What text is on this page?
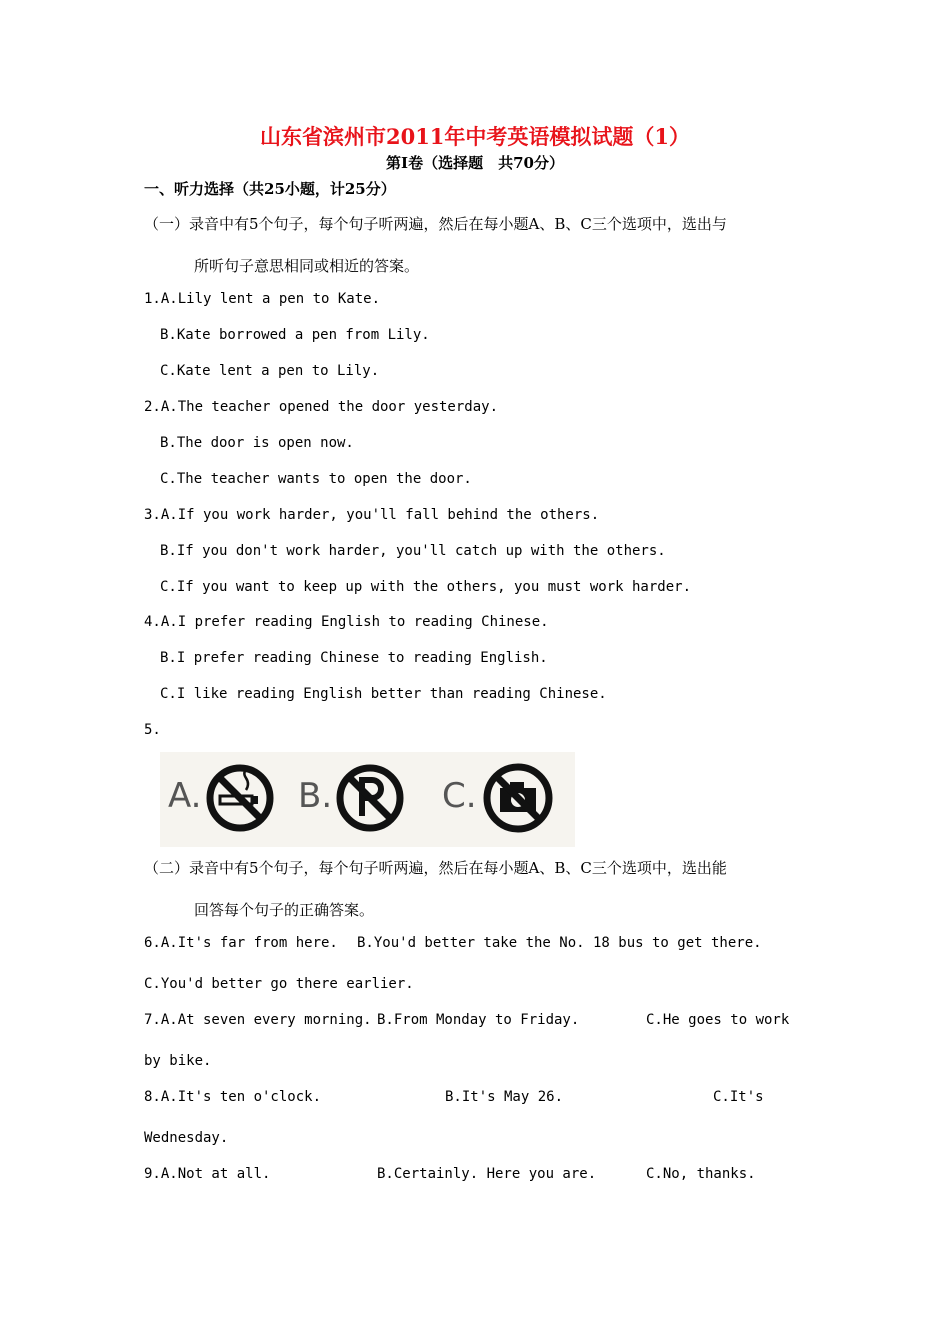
山东省滨州市2011年中考英语模拟试题（1）
第Ⅰ卷（选择题　共70分）
一、听力选择（共25小题，计25分）
（一）录音中有5个句子，每个句子听两遍，然后在每小题A、B、C三个选项中，选出与
所听句子意思相同或相近的答案。
1.A.Lily lent a pen to Kate.
B.Kate borrowed a pen from Lily.
C.Kate lent a pen to Lily.
2.A.The teacher opened the door yesterday.
B.The door is open now.
C.The teacher wants to open the door.
3.A.If you work harder, you'll fall behind the others.
B.If you don't work harder, you'll catch up with the others.
C.If you want to keep up with the others, you must work harder.
4.A.I prefer reading English to reading Chinese.
B.I prefer reading Chinese to reading English.
C.I like reading English better than reading Chinese.
5.
A.	B.	C.
（二）录音中有5个句子，每个句子听两遍，然后在每小题A、B、C三个选项中，选出能
回答每个句子的正确答案。
6.A.It's far from here. B.You'd better take the No. 18 bus to get there.
C.You'd better go there earlier.
7.A.At seven every morning. B.From Monday to Friday.	C.He goes to work
by bike.
8.A.It's ten o'clock.	B.It's May 26.	C.It's
Wednesday.
9.A.Not at all.	B.Certainly. Here you are.	C.No, thanks.
